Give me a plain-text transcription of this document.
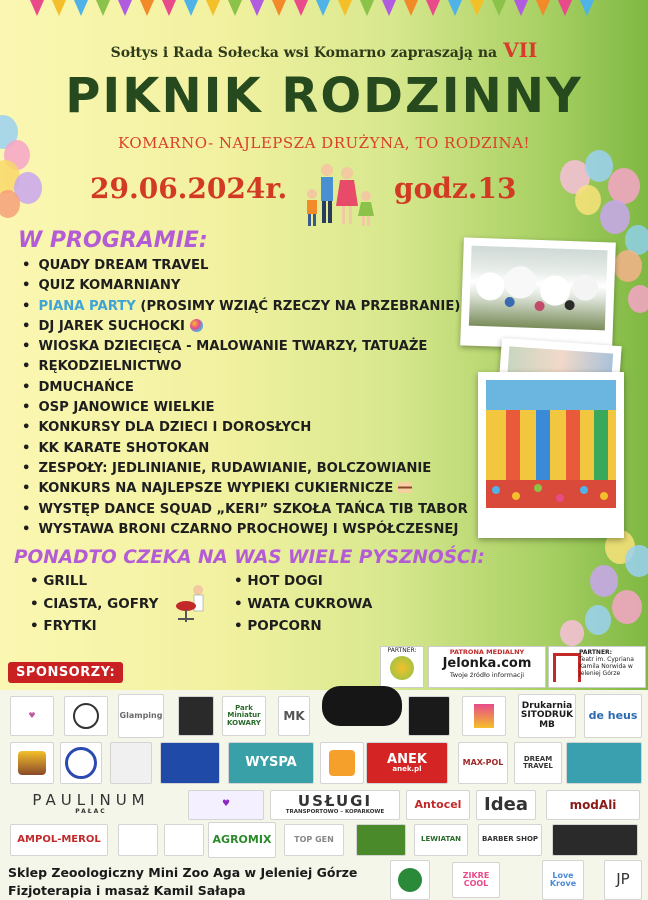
Sołtys i Rada Sołecka wsi Komarno zapraszają na VII
PIKNIK RODZINNY
KOMARNO- NAJLEPSZA DRUŻYNA, TO RODZINA!
29.06.2024r.	godz.13
W PROGRAMIE:
• QUADY DREAM TRAVEL
• QUIZ KOMARNIANY
• PIANA PARTY (PROSIMY WZIĄĆ RZECZY NA PRZEBRANIE)
• DJ JAREK SUCHOCKI
• WIOSKA DZIECIĘCA - MALOWANIE TWARZY, TATUAŻE
• RĘKODZIELNICTWO
• DMUCHAŃCE
• OSP JANOWICE WIELKIE
• KONKURSY DLA DZIECI I DOROSŁYCH
• KK KARATE SHOTOKAN
• ZESPOŁY: JEDLINIANIE, RUDAWIANIE, BOLCZOWIANIE
• KONKURS NA NAJLEPSZE WYPIEKI CUKIERNICZE
• WYSTĘP DANCE SQUAD „KERI” SZKOŁA TAŃCA TIB TABOR
• WYSTAWA BRONI CZARNO PROCHOWEJ I WSPÓŁCZESNEJ
PONADTO CZEKA NA WAS WIELE PYSZNOŚCI:
• GRILL
• CIASTA, GOFRY
• FRYTKI
• HOT DOGI
• WATA CUKROWA
• POPCORN
SPONSORZY:
PARTNER:	PATRONA MEDIALNY
Jelonka.com
Twoje źródło informacji
PARTNER:
Teatr im. Cypriana Kamila Norwida w Jeleniej Górze
♥	Glamping
Park Miniatur KOWARY	MK
Drukarnia SITODRUK MB
de heus
WYSPA	ANEK
anek.pl
MAX-POL	DREAM TRAVEL
PAULINUM
PAŁAC
♥	USŁUGI
TRANSPORTOWO – KOPARKOWE
Antocel	Idea	modAli
AMPOL-MEROL	AGROMIX	TOP GEN	LEWIATAN	BARBER SHOP
Sklep Zeoologiczny Mini Zoo Aga w Jeleniej Górze
Fizjoterapia i masaż Kamil Sałapa
ZIKRE COOL
Love Krove	JP
